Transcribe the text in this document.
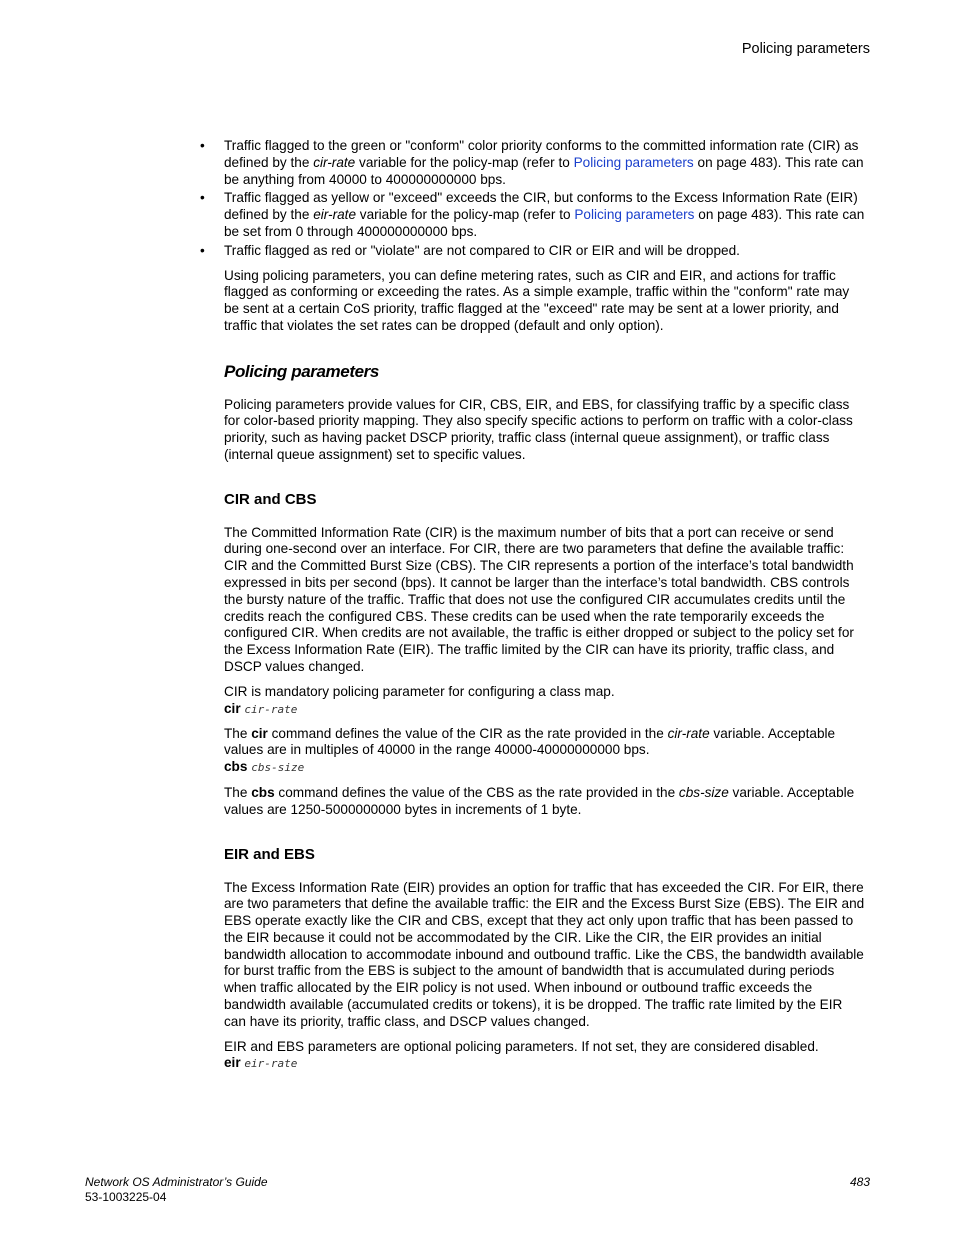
Policing parameters
• Traffic flagged to the green or "conform" color priority conforms to the committed information rate (CIR) as defined by the cir-rate variable for the policy-map (refer to Policing parameters on page 483). This rate can be anything from 40000 to 400000000000 bps.
• Traffic flagged as yellow or "exceed" exceeds the CIR, but conforms to the Excess Information Rate (EIR) defined by the eir-rate variable for the policy-map (refer to Policing parameters on page 483). This rate can be set from 0 through 400000000000 bps.
• Traffic flagged as red or "violate" are not compared to CIR or EIR and will be dropped.

Using policing parameters, you can define metering rates, such as CIR and EIR, and actions for traffic flagged as conforming or exceeding the rates. As a simple example, traffic within the "conform" rate may be sent at a certain CoS priority, traffic flagged at the "exceed" rate may be sent at a lower priority, and traffic that violates the set rates can be dropped (default and only option).

Policing parameters

Policing parameters provide values for CIR, CBS, EIR, and EBS, for classifying traffic by a specific class for color-based priority mapping. They also specify specific actions to perform on traffic with a color-class priority, such as having packet DSCP priority, traffic class (internal queue assignment), or traffic class (internal queue assignment) set to specific values.

CIR and CBS

The Committed Information Rate (CIR) is the maximum number of bits that a port can receive or send during one-second over an interface. For CIR, there are two parameters that define the available traffic: CIR and the Committed Burst Size (CBS). The CIR represents a portion of the interface’s total bandwidth expressed in bits per second (bps). It cannot be larger than the interface’s total bandwidth. CBS controls the bursty nature of the traffic. Traffic that does not use the configured CIR accumulates credits until the credits reach the configured CBS. These credits can be used when the rate temporarily exceeds the configured CIR. When credits are not available, the traffic is either dropped or subject to the policy set for the Excess Information Rate (EIR). The traffic limited by the CIR can have its priority, traffic class, and DSCP values changed.

CIR is mandatory policing parameter for configuring a class map.

cir cir-rate

The cir command defines the value of the CIR as the rate provided in the cir-rate variable. Acceptable values are in multiples of 40000 in the range 40000-40000000000 bps.

cbs cbs-size

The cbs command defines the value of the CBS as the rate provided in the cbs-size variable. Acceptable values are 1250-5000000000 bytes in increments of 1 byte.

EIR and EBS

The Excess Information Rate (EIR) provides an option for traffic that has exceeded the CIR. For EIR, there are two parameters that define the available traffic: the EIR and the Excess Burst Size (EBS). The EIR and EBS operate exactly like the CIR and CBS, except that they act only upon traffic that has been passed to the EIR because it could not be accommodated by the CIR. Like the CIR, the EIR provides an initial bandwidth allocation to accommodate inbound and outbound traffic. Like the CBS, the bandwidth available for burst traffic from the EBS is subject to the amount of bandwidth that is accumulated during periods when traffic allocated by the EIR policy is not used. When inbound or outbound traffic exceeds the bandwidth available (accumulated credits or tokens), it is be dropped. The traffic rate limited by the EIR can have its priority, traffic class, and DSCP values changed.

EIR and EBS parameters are optional policing parameters. If not set, they are considered disabled.

eir eir-rate
Network OS Administrator’s Guide
53-1003225-04
483
